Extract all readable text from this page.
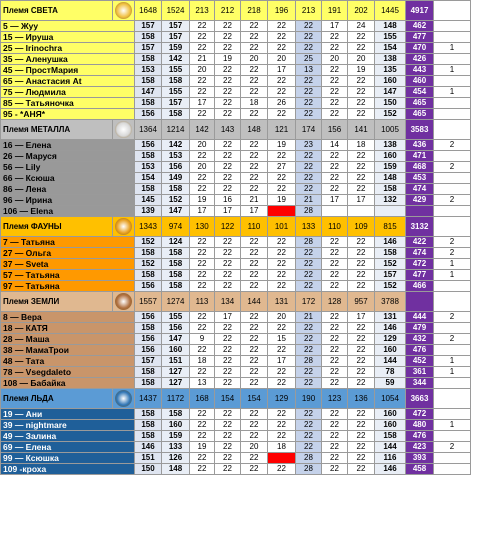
Племя СВЕТА		1648	1524	213	212	218	196	213	191	202	1445	4917	
5 — Жуу		157	157	22	22	22	22	22	17	24	148	462	
15 — Ируша		158	157	22	22	22	22	22	22	22	155	477	
25 — Irinochra		157	159	22	22	22	22	22	22	22	154	470	1
35 — Аленушка		158	142	21	19	20	20	25	20	20	138	426	
45 — ПростМария		153	155	20	22	22	17	13	22	19	135	443	1
65 — Анастасия At		158	158	22	22	22	22	22	22	22	160	460	
75 — Людмила		147	155	22	22	22	22	22	22	22	147	454	1
85 — Татьяночка		158	157	17	22	18	26	22	22	22	150	465	
95 - *АНЯ*		156	158	22	22	22	22	22	22	22	152	465	
Племя МЕТАЛЛА		1364	1214	142	143	148	121	174	156	141	1005	3583	
16 — Елена		156	142	20	22	22	19	23	14	18	138	436	2
26 — Маруся		158	153	22	22	22	22	22	22	22	160	471	
56 — Lily		153	156	20	22	22	27	22	22	22	159	468	2
66 — Ксюша		154	149	22	22	22	22	22	22	22	148	453	
86 — Лена		158	158	22	22	22	22	22	22	22	158	474	
96 — Ирина		145	152	19	16	21	19	21	17	17	132	429	2
106 — Elena		139	147	17	17	17		28					
Племя ФАУНЫ		1343	974	130	122	110	101	133	110	109	815	3132	
7 — Татьяна		152	124	22	22	22	22	28	22	22	146	422	2
27 — Ольга		158	158	22	22	22	22	22	22	22	158	474	2
37 — Sveta		152	158	22	22	22	22	22	22	22	152	472	1
57 — Татьяна		158	158	22	22	22	22	22	22	22	157	477	1
97 — Татьяна		156	158	22	22	22	22	22	22	22	152	466	
Племя ЗЕМЛИ		1557	1274	113	134	144	131	172	128	957	3788		
8 — Вера		156	155	22	17	22	20	21	22	17	131	444	2
18 — КАТЯ		158	156	22	22	22	22	22	22	22	146	479	
28 — Маша		156	147	9	22	22	15	22	22	22	129	432	2
38 — МамаТрои		156	160	22	22	22	22	22	22	22	160	476	
48 — Тата		157	151	18	22	22	17	28	22	22	144	452	1
78 — Vsegdaleto		158	127	22	22	22	22	22	22	22	78	361	1
108 — Бабайка		158	127	13	22	22	22	22	22	22	59	344	
Племя ЛЬДА		1437	1172	168	154	154	129	190	123	136	1054	3663	
19 — Ани		158	158	22	22	22	22	22	22	22	160	472	
39 — nightmare		158	160	22	22	22	22	22	22	22	160	480	1
49 — Залина		158	159	22	22	22	22	22	22	22	158	476	
69 — Елена		146	133	19	22	20	18	22	22	22	144	423	2
99 — Ксюшка		151	126	22	22	22		28	22	22	116	393	
109 -кроха		150	148	22	22	22	22	28	22	22	146	458	
